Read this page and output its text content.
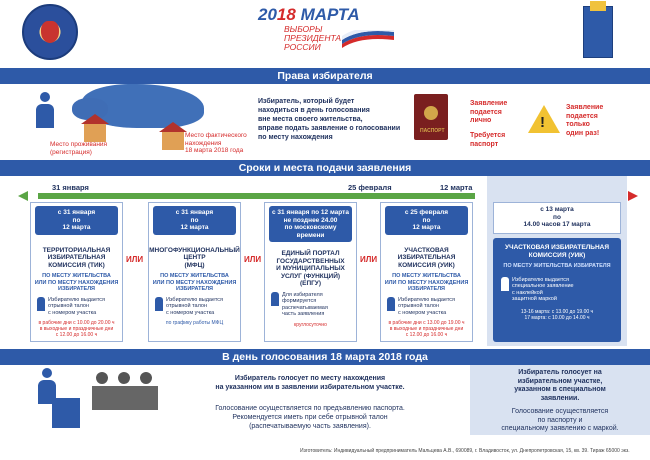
2018 МАРТА
ВЫБОРЫ
ПРЕЗИДЕНТА
РОССИИ
Права избирателя
Место проживания
(регистрация)
Место фактического
нахождения
18 марта 2018 года
Избиратель, который будет
находиться в день голосования
вне места своего жительства,
вправе подать заявление о голосовании
по месту нахождения
ПАСПОРТ
Заявление
подается
лично
Требуется
паспорт
!
Заявление
подается
только
один раз!
Сроки и места подачи заявления
31 января	25 февраля	12 марта
с 31 января
по
12 марта
ТЕРРИТОРИАЛЬНАЯ
ИЗБИРАТЕЛЬНАЯ
КОМИССИЯ (ТИК)
ПО МЕСТУ ЖИТЕЛЬСТВА
ИЛИ ПО МЕСТУ НАХОЖДЕНИЯ
ИЗБИРАТЕЛЯ
Избирателю выдается
отрывной талон
с номером участка
в рабочие дни с 10.00 до 20.00 ч
в выходные и праздничные дни
с 12.00 до 16.00 ч
ИЛИ
с 31 января
по
12 марта
МНОГОФУНКЦИОНАЛЬНЫЙ
ЦЕНТР
(МФЦ)
ПО МЕСТУ ЖИТЕЛЬСТВА
ИЛИ ПО МЕСТУ НАХОЖДЕНИЯ
ИЗБИРАТЕЛЯ
Избирателю выдается
отрывной талон
с номером участка
по графику работы МФЦ
ИЛИ
с 31 января по 12 марта
не позднее 24.00
по московскому времени
ЕДИНЫЙ ПОРТАЛ
ГОСУДАРСТВЕННЫХ
И МУНИЦИПАЛЬНЫХ
УСЛУГ (ФУНКЦИЙ)
(ЕПГУ)
Для избирателя
формируется
распечатываемая
часть заявления
круглосуточно
ИЛИ
с 25 февраля
по
12 марта
УЧАСТКОВАЯ
ИЗБИРАТЕЛЬНАЯ
КОМИССИЯ (УИК)
ПО МЕСТУ ЖИТЕЛЬСТВА
ИЛИ ПО МЕСТУ НАХОЖДЕНИЯ
ИЗБИРАТЕЛЯ
Избирателю выдается
отрывной талон
с номером участка
в рабочие дни с 13.00 до 19.00 ч
в выходные и праздничные дни
с 12.00 до 16.00 ч
с 13 марта
по
14.00 часов 17 марта
УЧАСТКОВАЯ ИЗБИРАТЕЛЬНАЯ
КОМИССИЯ (УИК)
ПО МЕСТУ ЖИТЕЛЬСТВА ИЗБИРАТЕЛЯ
Избирателю выдается
специальное заявление
с наклейкой
защитной маркой
13-16 марта: с 13.00 до 19.00 ч
17 марта: с 10.00 до 14.00 ч
В день голосования 18 марта 2018 года
Избиратель голосует по месту нахождения
на указанном им в заявлении избирательном участке.
Голосование осуществляется по предъявлению паспорта.
Рекомендуется иметь при себе отрывной талон
(распечатываемую часть заявления).
Избиратель голосует на
избирательном участке,
указанном в специальном
заявлении.
Голосование осуществляется
по паспорту и
специальному заявлению с маркой.
Изготовитель: Индивидуальный предприниматель Мальцева А.В., 690089, г. Владивосток, ул. Днепропетровская, 15, кв. 39. Тираж 65000 экз.
